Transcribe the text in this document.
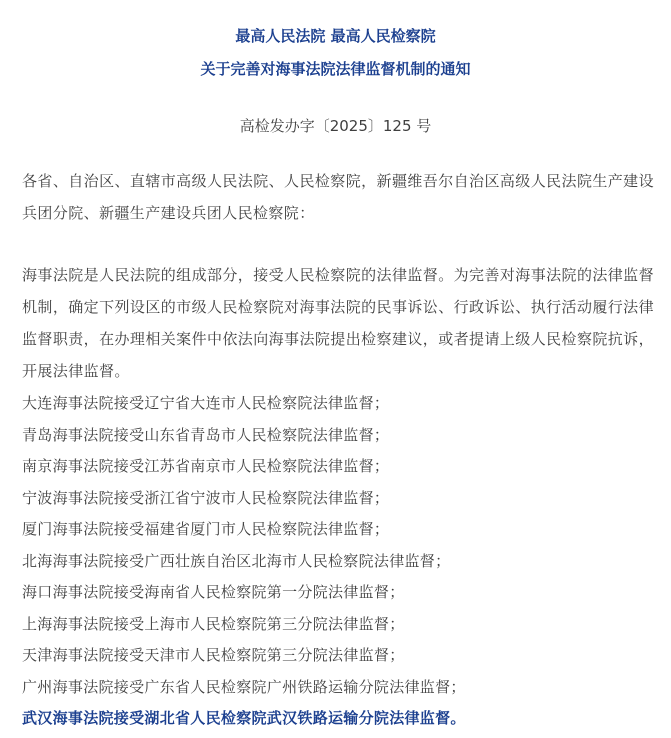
最高人民法院 最高人民检察院
关于完善对海事法院法律监督机制的通知
高检发办字〔2025〕125 号
各省、自治区、直辖市高级人民法院、人民检察院，新疆维吾尔自治区高级人民法院生产建设兵团分院、新疆生产建设兵团人民检察院：
海事法院是人民法院的组成部分，接受人民检察院的法律监督。为完善对海事法院的法律监督机制，确定下列设区的市级人民检察院对海事法院的民事诉讼、行政诉讼、执行活动履行法律监督职责，在办理相关案件中依法向海事法院提出检察建议，或者提请上级人民检察院抗诉，开展法律监督。
大连海事法院接受辽宁省大连市人民检察院法律监督；
青岛海事法院接受山东省青岛市人民检察院法律监督；
南京海事法院接受江苏省南京市人民检察院法律监督；
宁波海事法院接受浙江省宁波市人民检察院法律监督；
厦门海事法院接受福建省厦门市人民检察院法律监督；
北海海事法院接受广西壮族自治区北海市人民检察院法律监督；
海口海事法院接受海南省人民检察院第一分院法律监督；
上海海事法院接受上海市人民检察院第三分院法律监督；
天津海事法院接受天津市人民检察院第三分院法律监督；
广州海事法院接受广东省人民检察院广州铁路运输分院法律监督；
武汉海事法院接受湖北省人民检察院武汉铁路运输分院法律监督。
